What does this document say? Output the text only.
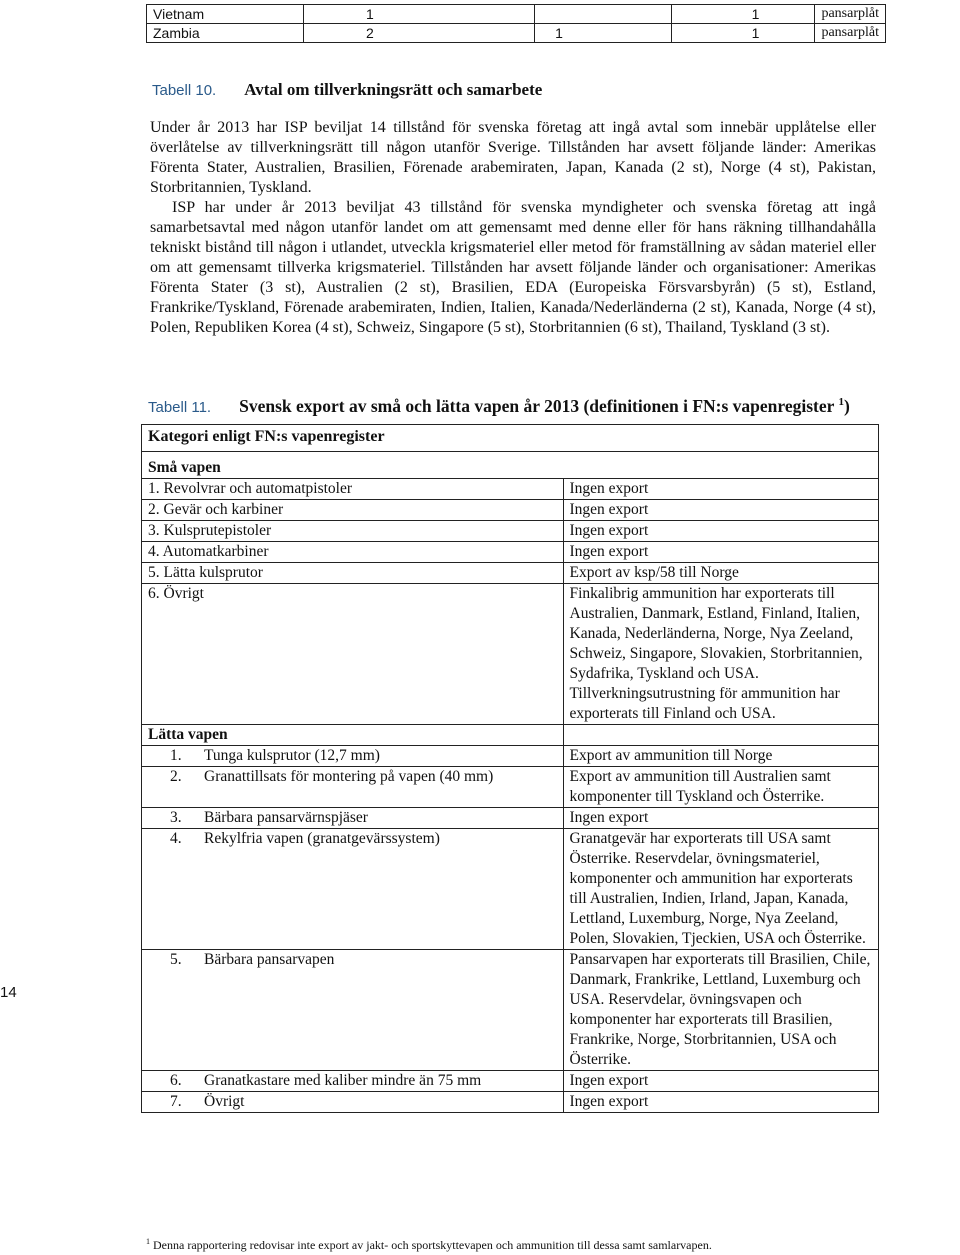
Vietnam	1		1	pansarplåt
Zambia	2	1	1	pansarplåt
Tabell 10. Avtal om tillverkningsrätt och samarbete

Under år 2013 har ISP beviljat 14 tillstånd för svenska företag att ingå avtal som innebär upplåtelse eller överlåtelse av tillverkningsrätt till någon utanför Sverige. Tillstånden har avsett följande länder: Amerikas Förenta Stater, Australien, Brasilien, Förenade arabemiraten, Japan, Kanada (2 st), Norge (4 st), Pakistan, Storbritannien, Tyskland.

ISP har under år 2013 beviljat 43 tillstånd för svenska myndigheter och svenska företag att ingå samarbetsavtal med någon utanför landet om att gemensamt med denne eller för hans räkning tillhandahålla tekniskt bistånd till någon i utlandet, utveckla krigsmateriel eller metod för framställning av sådan materiel eller om att gemensamt tillverka krigsmateriel. Tillstånden har avsett följande länder och organisationer: Amerikas Förenta Stater (3 st), Australien (2 st), Brasilien, EDA (Europeiska Försvarsbyrån) (5 st), Estland, Frankrike/Tyskland, Förenade arabemiraten, Indien, Italien, Kanada/Nederländerna (2 st), Kanada, Norge (4 st), Polen, Republiken Korea (4 st), Schweiz, Singapore (5 st), Storbritannien (6 st), Thailand, Tyskland (3 st).

Tabell 11. Svensk export av små och lätta vapen år 2013 (definitionen i FN:s vapenregister $^1$)
Kategori enligt FN:s vapenregister	
Små vapen	
1. Revolvrar och automatpistoler	Ingen export
2. Gevär och karbiner	Ingen export
3. Kulsprutepistoler	Ingen export
4. Automatkarbiner	Ingen export
5. Lätta kulsprutor	Export av ksp/58 till Norge
6. Övrigt	Finkalibrig ammunition har exporterats till Australien, Danmark, Estland, Finland, Italien, Kanada, Nederländerna, Norge, Nya Zeeland, Schweiz, Singapore, Slovakien, Storbritannien, Sydafrika, Tyskland och USA. Tillverkningsutrustning för ammunition har exporterats till Finland och USA.
Lätta vapen	
1. Tunga kulsprutor (12,7 mm)	Export av ammunition till Norge
2. Granattillsats för montering på vapen (40 mm)	Export av ammunition till Australien samt komponenter till Tyskland och Österrike.
3. Bärbara pansarvärnspjäser	Ingen export
4. Rekylfria vapen (granatgevärssystem)	Granatgevär har exporterats till USA samt Österrike. Reservdelar, övningsmateriel, komponenter och ammunition har exporterats till Australien, Indien, Irland, Japan, Kanada, Lettland, Luxemburg, Norge, Nya Zeeland, Polen, Slovakien, Tjeckien, USA och Österrike.
5. Bärbara pansarvapen	Pansarvapen har exporterats till Brasilien, Chile, Danmark, Frankrike, Lettland, Luxemburg och USA. Reservdelar, övningsvapen och komponenter har exporterats till Brasilien, Frankrike, Norge, Storbritannien, USA och Österrike.
6. Granatkastare med kaliber mindre än 75 mm	Ingen export
7. Övrigt	Ingen export
14
$^1$ Denna rapportering redovisar inte export av jakt- och sportskyttevapen och ammunition till dessa samt samlarvapen.
